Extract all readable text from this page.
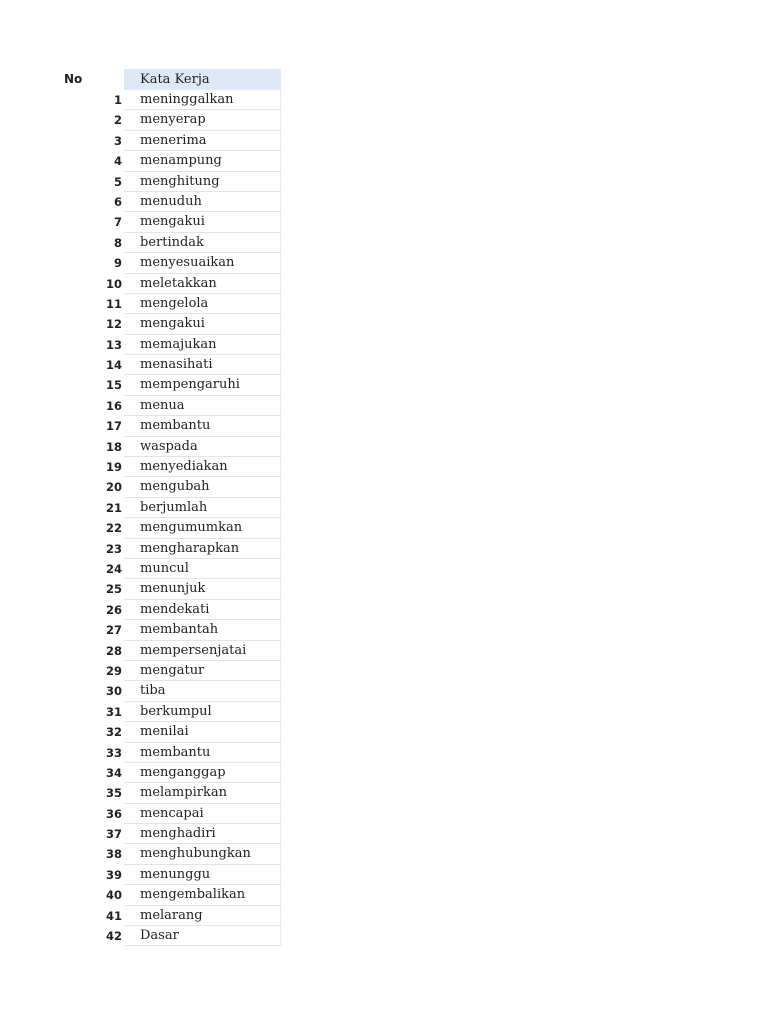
No	Kata Kerja
1	meninggalkan
2	menyerap
3	menerima
4	menampung
5	menghitung
6	menuduh
7	mengakui
8	bertindak
9	menyesuaikan
10	meletakkan
11	mengelola
12	mengakui
13	memajukan
14	menasihati
15	mempengaruhi
16	menua
17	membantu
18	waspada
19	menyediakan
20	mengubah
21	berjumlah
22	mengumumkan
23	mengharapkan
24	muncul
25	menunjuk
26	mendekati
27	membantah
28	mempersenjatai
29	mengatur
30	tiba
31	berkumpul
32	menilai
33	membantu
34	menganggap
35	melampirkan
36	mencapai
37	menghadiri
38	menghubungkan
39	menunggu
40	mengembalikan
41	melarang
42	Dasar
